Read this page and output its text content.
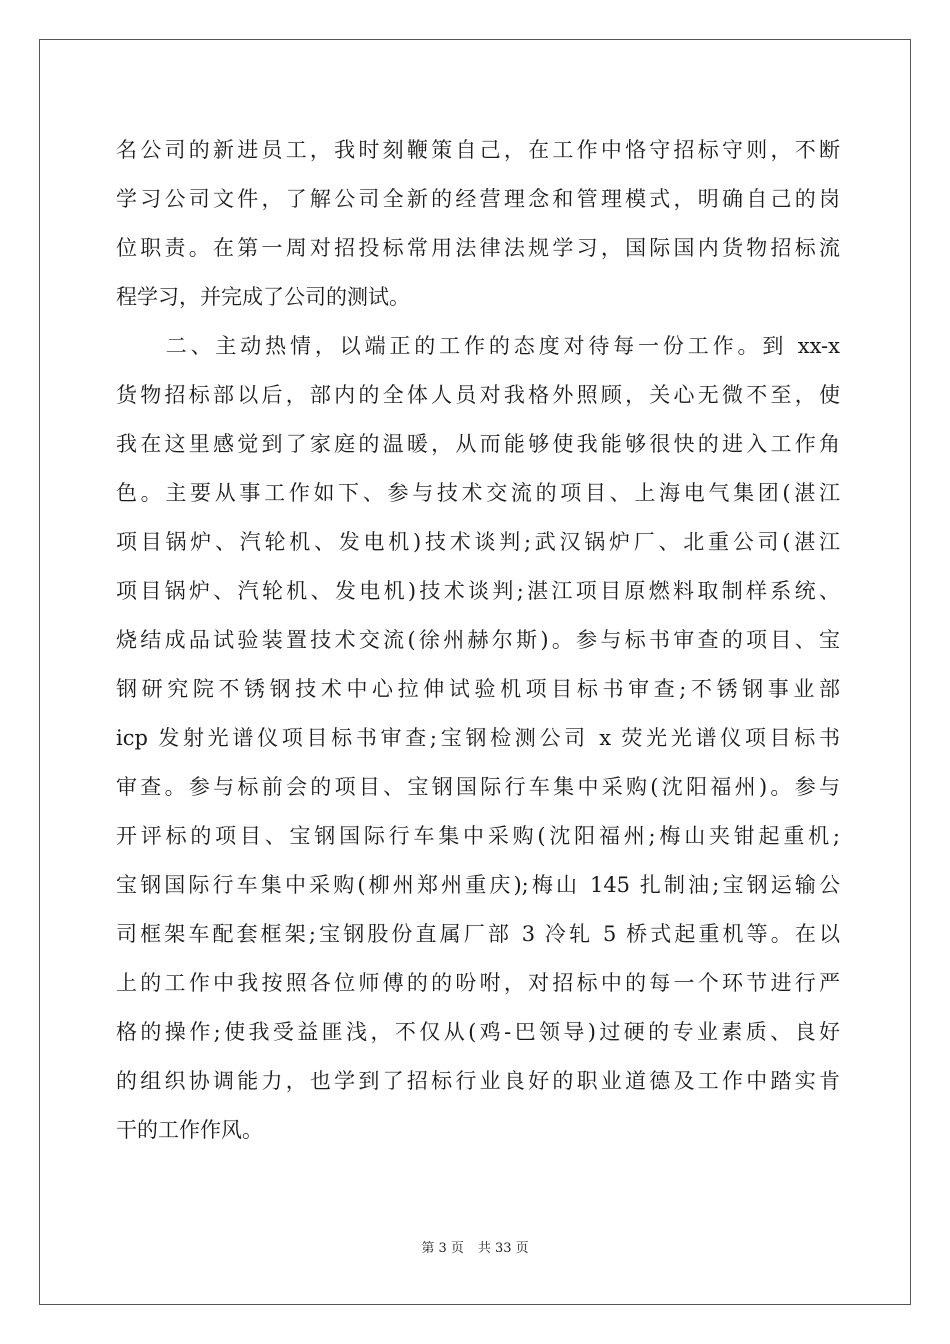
名公司的新进员工，我时刻鞭策自己，在工作中恪守招标守则，不断
学习公司文件，了解公司全新的经营理念和管理模式，明确自己的岗
位职责。在第一周对招投标常用法律法规学习，国际国内货物招标流
程学习，并完成了公司的测试。
　　二、主动热情，以端正的工作的态度对待每一份工作。到 xx-x
货物招标部以后，部内的全体人员对我格外照顾，关心无微不至，使
我在这里感觉到了家庭的温暖，从而能够使我能够很快的进入工作角
色。主要从事工作如下、参与技术交流的项目、上海电气集团(湛江
项目锅炉、汽轮机、发电机)技术谈判;武汉锅炉厂、北重公司(湛江
项目锅炉、汽轮机、发电机)技术谈判;湛江项目原燃料取制样系统、
烧结成品试验装置技术交流(徐州赫尔斯)。参与标书审查的项目、宝
钢研究院不锈钢技术中心拉伸试验机项目标书审查;不锈钢事业部
icp 发射光谱仪项目标书审查;宝钢检测公司 x 荧光光谱仪项目标书
审查。参与标前会的项目、宝钢国际行车集中采购(沈阳福州)。参与
开评标的项目、宝钢国际行车集中采购(沈阳福州;梅山夹钳起重机;
宝钢国际行车集中采购(柳州郑州重庆);梅山 145 扎制油;宝钢运输公
司框架车配套框架;宝钢股份直属厂部 3 冷轧 5 桥式起重机等。在以
上的工作中我按照各位师傅的的吩咐，对招标中的每一个环节进行严
格的操作;使我受益匪浅，不仅从(鸡-巴领导)过硬的专业素质、良好
的组织协调能力，也学到了招标行业良好的职业道德及工作中踏实肯
干的工作作风。
第 3 页 共 33 页
